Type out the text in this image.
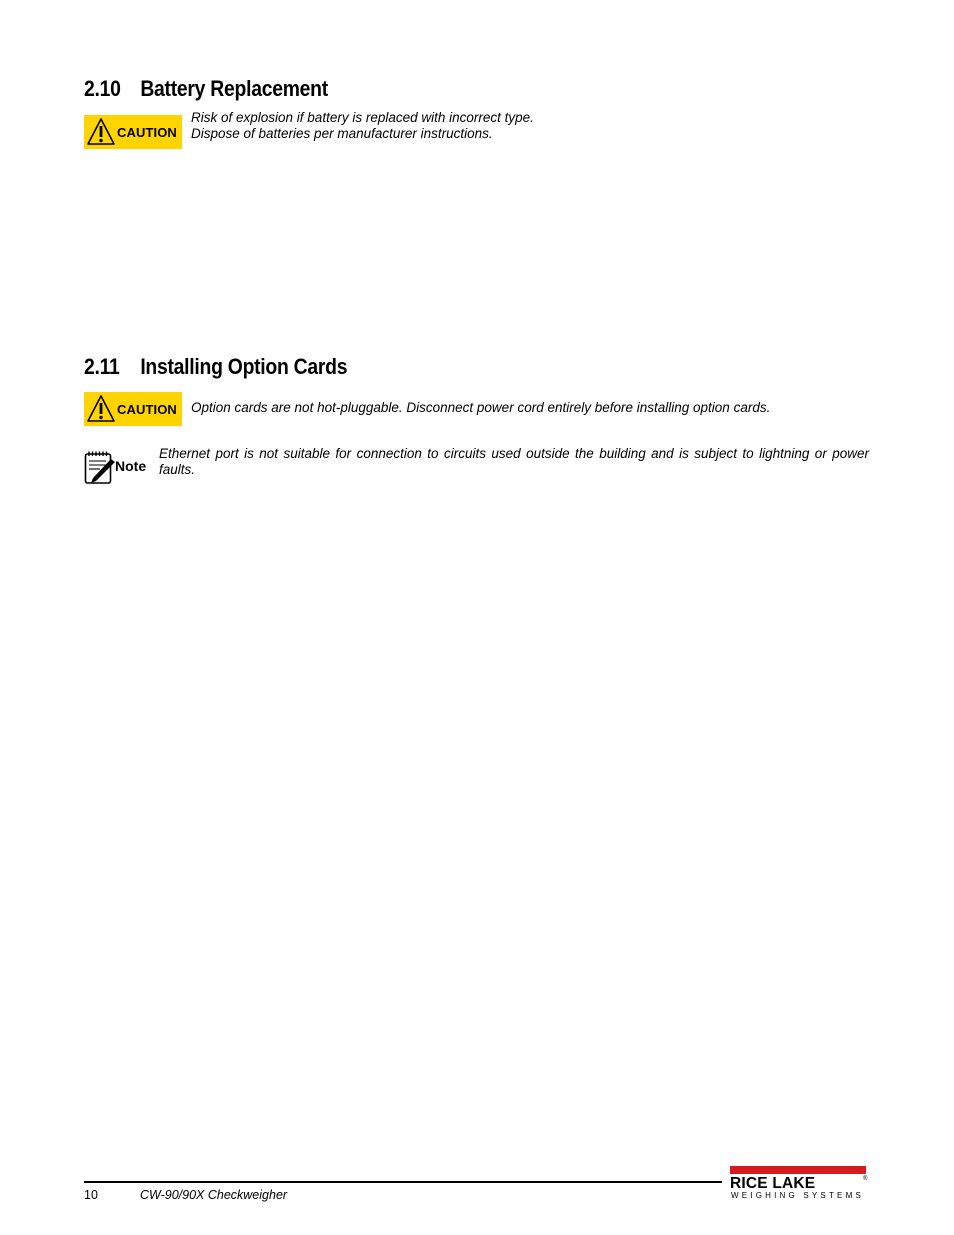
2.10 Battery Replacement
CAUTION
Risk of explosion if battery is replaced with incorrect type.
Dispose of batteries per manufacturer instructions.
2.11 Installing Option Cards
CAUTION Option cards are not hot-pluggable. Disconnect power cord entirely before installing option cards.
Note
Ethernet port is not suitable for connection to circuits used outside the building and is subject to lightning or power faults.
10	CW-90/90X Checkweigher
RICE LAKE	®
WEIGHING SYSTEMS
